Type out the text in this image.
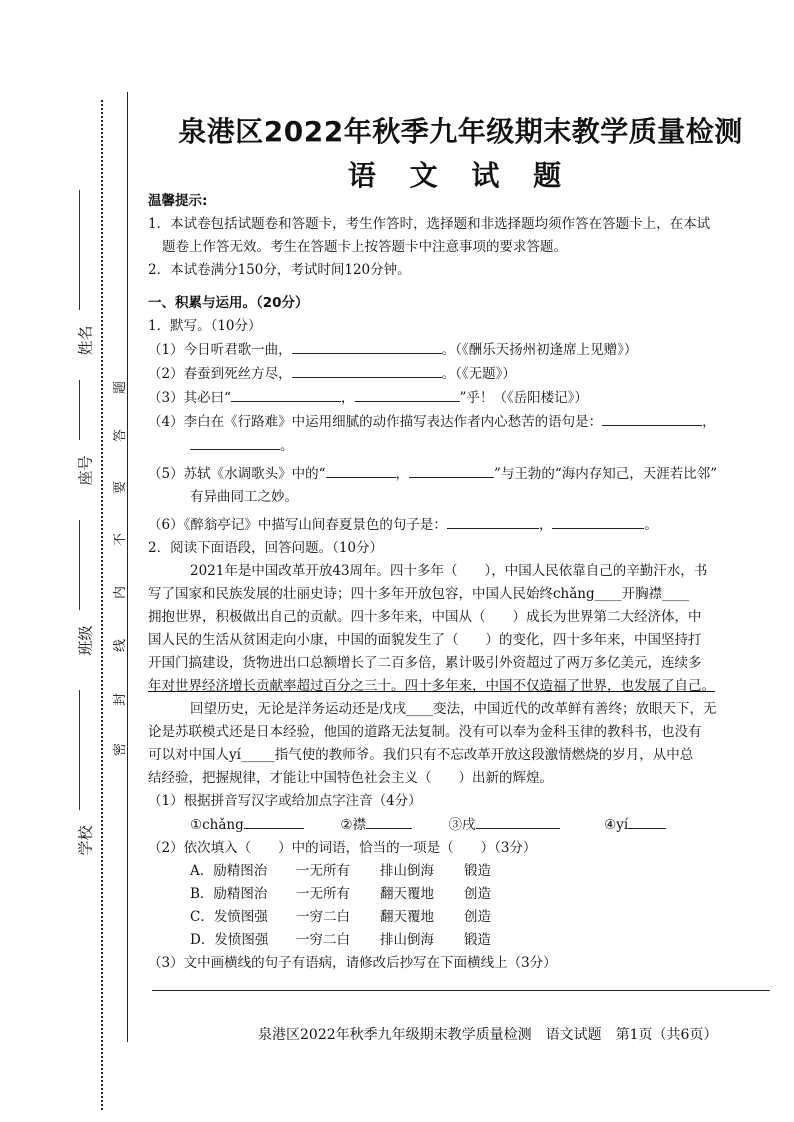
姓名
座号
班级
学校
题
答
要
不
内
线
封
密
泉港区2022年秋季九年级期末教学质量检测
语 文 试 题
温馨提示:
1．本试卷包括试题卷和答题卡，考生作答时，选择题和非选择题均须作答在答题卡上，在本试
题卷上作答无效。考生在答题卡上按答题卡中注意事项的要求答题。
2．本试卷满分150分，考试时间120分钟。
一、积累与运用。（20分）
1．默写。（10分）
（1）今日听君歌一曲，	。（《酬乐天扬州初逢席上见赠》）
（2）春蚕到死丝方尽，	。（《无题》）
（3）其必曰“	，	”乎！（《岳阳楼记》）
（4）李白在《行路难》中运用细腻的动作描写表达作者内心愁苦的语句是：	，
。
（5）苏轼《水调歌头》中的“	，	”与王勃的“海内存知己，天涯若比邻”
有异曲同工之妙。
（6）《醉翁亭记》中描写山间春夏景色的句子是：	，	。
2．阅读下面语段，回答问题。（10分）
2021年是中国改革开放43周年。四十多年（　　），中国人民依靠自己的辛勤汗水，书
写了国家和民族发展的壮丽史诗；四十多年开放包容，中国人民始终chǎng____开胸襟____
拥抱世界，积极做出自己的贡献。四十多年来，中国从（　　）成长为世界第二大经济体，中
国人民的生活从贫困走向小康，中国的面貌发生了（　　）的变化，四十多年来，中国坚持打
开国门搞建设，货物进出口总额增长了二百多倍，累计吸引外资超过了两万多亿美元，连续多
年对世界经济增长贡献率超过百分之三十。四十多年来，中国不仅造福了世界，也发展了自己。
回望历史，无论是洋务运动还是戊戌____变法，中国近代的改革鲜有善终；放眼天下，无
论是苏联模式还是日本经验，他国的道路无法复制。没有可以奉为金科玉律的教科书，也没有
可以对中国人yí_____指气使的教师爷。我们只有不忘改革开放这段激情燃烧的岁月，从中总
结经验，把握规律，才能让中国特色社会主义（　　）出新的辉煌。
（1）根据拼音写汉字或给加点字注音（4分）
①chǎng	②襟	③戌	④yí
（2）依次填入（　　）中的词语，恰当的一项是（　　）（3分）
A．励精图治 一无所有 排山倒海 锻造
B．励精图治 一无所有 翻天覆地 创造
C．发愤图强 一穷二白 翻天覆地 创造
D．发愤图强 一穷二白 排山倒海 锻造
（3）文中画横线的句子有语病，请修改后抄写在下面横线上（3分）
泉港区2022年秋季九年级期末教学质量检测　语文试题　第1页（共6页）
